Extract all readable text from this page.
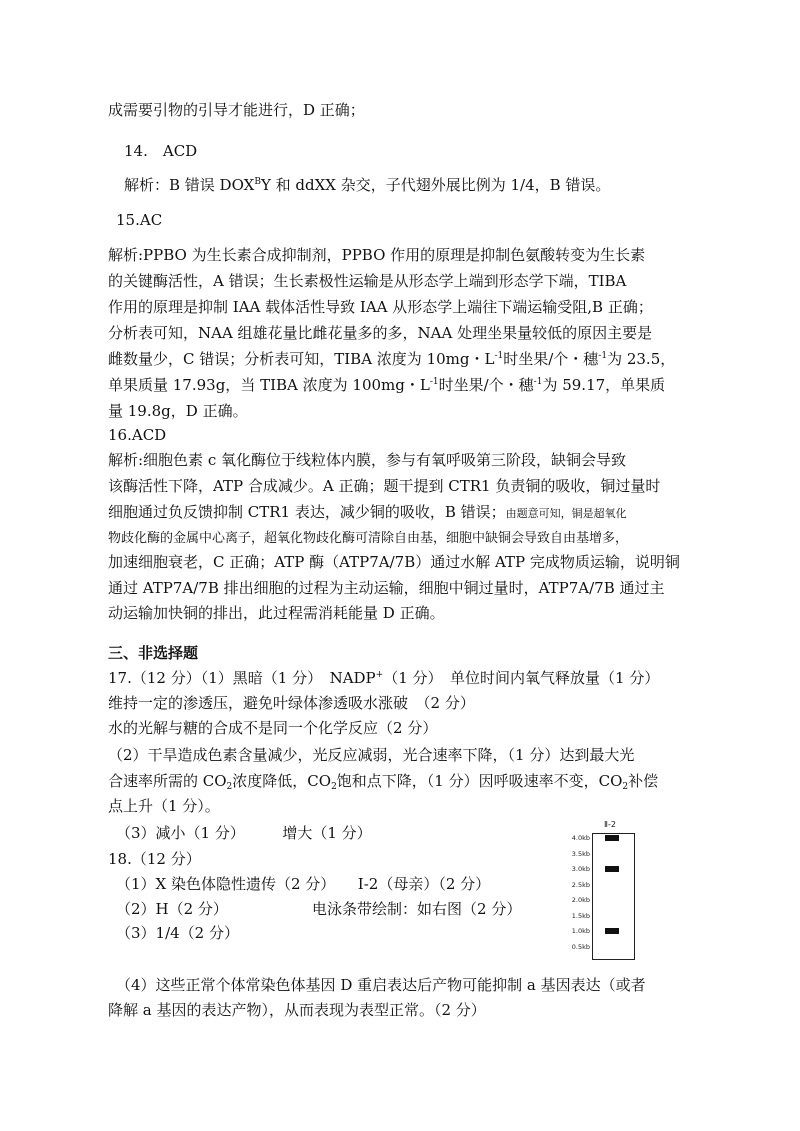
成需要引物的引导才能进行，D 正确；
14.　ACD
解析：B 错误 $DOX^BY$ 和 ddXX 杂交，子代翅外展比例为 1/4，B 错误。
15.AC
解析:PPBO 为生长素合成抑制剂，PPBO 作用的原理是抑制色氨酸转变为生长素
的关键酶活性，A 错误；生长素极性运输是从形态学上端到形态学下端，TIBA
作用的原理是抑制 IAA 载体活性导致 IAA 从形态学上端往下端运输受阻,B 正确；
分析表可知，NAA 组雄花量比雌花量多的多，NAA 处理坐果量较低的原因主要是
雌数量少，C 错误；分析表可知，TIBA 浓度为 10mg・$L^{-1}$时坐果/个・穗$^{-1}$为 23.5，
单果质量 17.93g，当 TIBA 浓度为 100mg・$L^{-1}$时坐果/个・穗$^{-1}$为 59.17，单果质
量 19.8g，D 正确。
16.ACD
解析:细胞色素 c 氧化酶位于线粒体内膜，参与有氧呼吸第三阶段，缺铜会导致
该酶活性下降，ATP 合成减少。A 正确；题干提到 CTR1 负责铜的吸收，铜过量时
细胞通过负反馈抑制 CTR1 表达，减少铜的吸收，B 错误；由题意可知，铜是超氧化
物歧化酶的金属中心离子，超氧化物歧化酶可清除自由基，细胞中缺铜会导致自由基增多，
加速细胞衰老，C 正确；ATP 酶（ATP7A/7B）通过水解 ATP 完成物质运输，说明铜
通过 ATP7A/7B 排出细胞的过程为主动运输，细胞中铜过量时，ATP7A/7B 通过主
动运输加快铜的排出，此过程需消耗能量 D 正确。
三、非选择题
17.（12 分）（1）黑暗（1 分）　NADP+（1 分）　单位时间内氧气释放量（1 分）
维持一定的渗透压，避免叶绿体渗透吸水涨破　（2 分）
水的光解与糖的合成不是同一个化学反应（2 分）
（2）干旱造成色素含量减少，光反应减弱，光合速率下降，（1 分）达到最大光
合速率所需的 $CO_2$浓度降低，$CO_2$饱和点下降，（1 分）因呼吸速率不变，$CO_2$补偿
点上升（1 分）。
（3）减小（1 分）　　　增大（1 分）
18.（12 分）
（1）X 染色体隐性遗传（2 分）　　Ⅰ-2（母亲）（2 分）
（2）H（2 分）	电泳条带绘制：如右图（2 分）
（3）1/4（2 分）
Ⅱ-2
4.0kb
3.5kb
3.0kb
2.5kb
2.0kb
1.5kb
1.0kb
0.5kb
（4）这些正常个体常染色体基因 D 重启表达后产物可能抑制 a 基因表达（或者
降解 a 基因的表达产物），从而表现为表型正常。（2 分）
